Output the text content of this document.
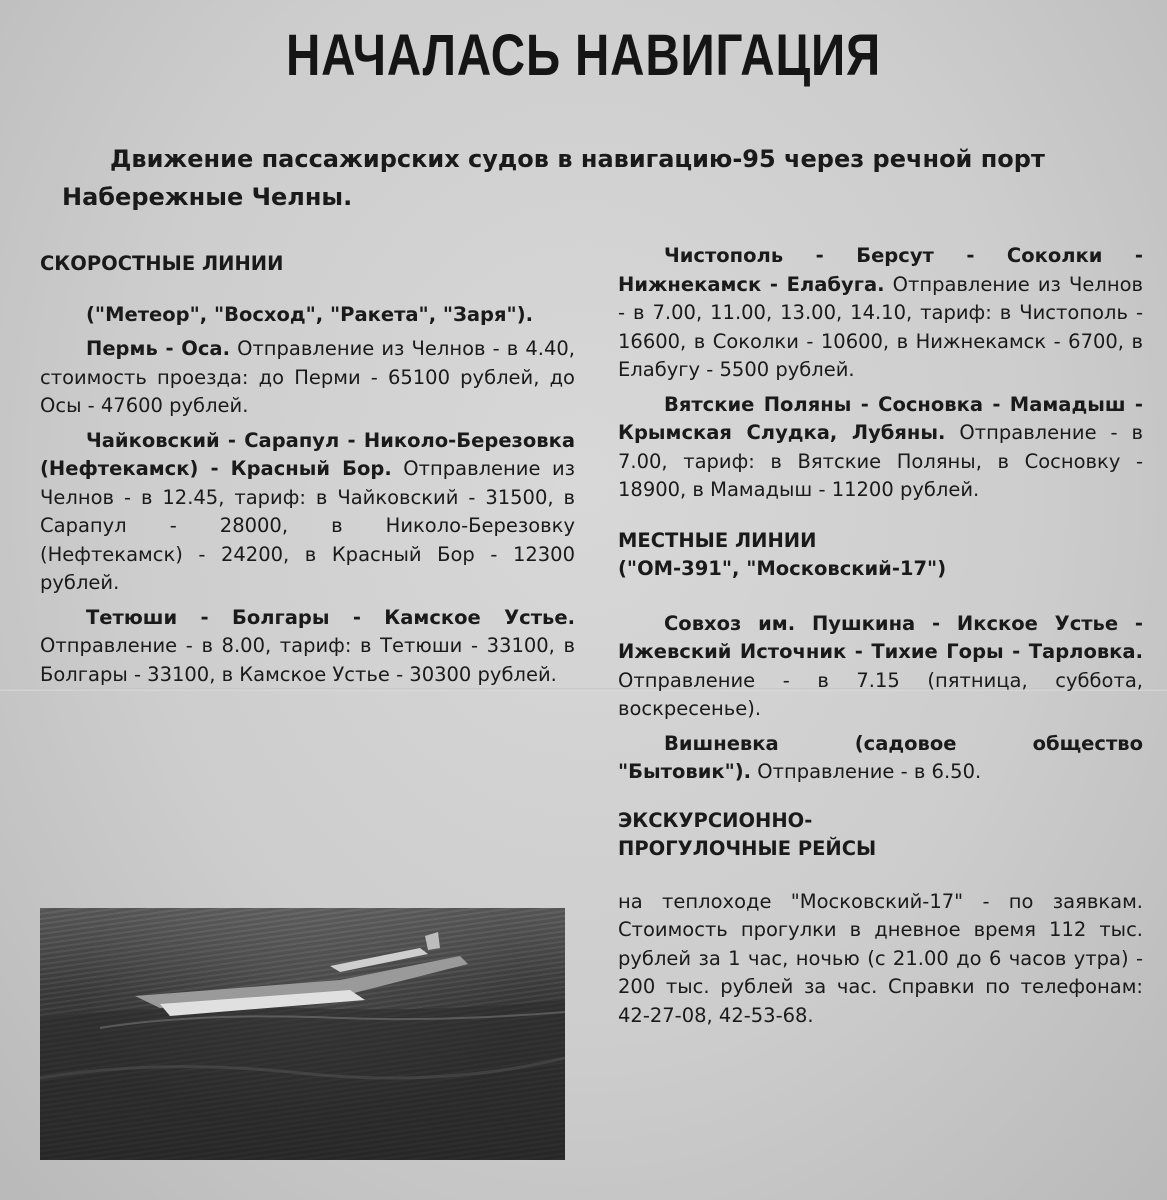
НАЧАЛАСЬ НАВИГАЦИЯ

Движение пассажирских судов в навигацию-95 через речной порт Набережные Челны.

СКОРОСТНЫЕ ЛИНИИ

("Метеор", "Восход", "Ракета", "Заря").

Пермь - Оса. Отправление из Челнов - в 4.40, стоимость проезда: до Перми - 65100 рублей, до Осы - 47600 рублей.

Чайковский - Сарапул - Николо-Березовка (Нефтекамск) - Красный Бор. Отправление из Челнов - в 12.45, тариф: в Чайковский - 31500, в Сарапул - 28000, в Николо-Березовку (Нефтекамск) - 24200, в Красный Бор - 12300 рублей.

Тетюши - Болгары - Камское Устье. Отправление - в 8.00, тариф: в Тетюши - 33100, в Болгары - 33100, в Камское Устье - 30300 рублей.

Чистополь - Берсут - Соколки - Нижнекамск - Елабуга. Отправление из Челнов - в 7.00, 11.00, 13.00, 14.10, тариф: в Чистополь - 16600, в Соколки - 10600, в Нижнекамск - 6700, в Елабугу - 5500 рублей.

Вятские Поляны - Сосновка - Мамадыш - Крымская Слудка, Лубяны. Отправление - в 7.00, тариф: в Вятские Поляны, в Сосновку - 18900, в Мамадыш - 11200 рублей.

МЕСТНЫЕ ЛИНИИ

("ОМ-391", "Московский-17")

Совхоз им. Пушкина - Икское Устье - Ижевский Источник - Тихие Горы - Тарловка. Отправление - в 7.15 (пятница, суббота, воскресенье).

Вишневка (садовое общество "Бытовик"). Отправление - в 6.50.

ЭКСКУРСИОННО-

ПРОГУЛОЧНЫЕ РЕЙСЫ

на теплоходе "Московский-17" - по заявкам. Стоимость прогулки в дневное время 112 тыс. рублей за 1 час, ночью (с 21.00 до 6 часов утра) - 200 тыс. рублей за час. Справки по телефонам: 42-27-08, 42-53-68.
